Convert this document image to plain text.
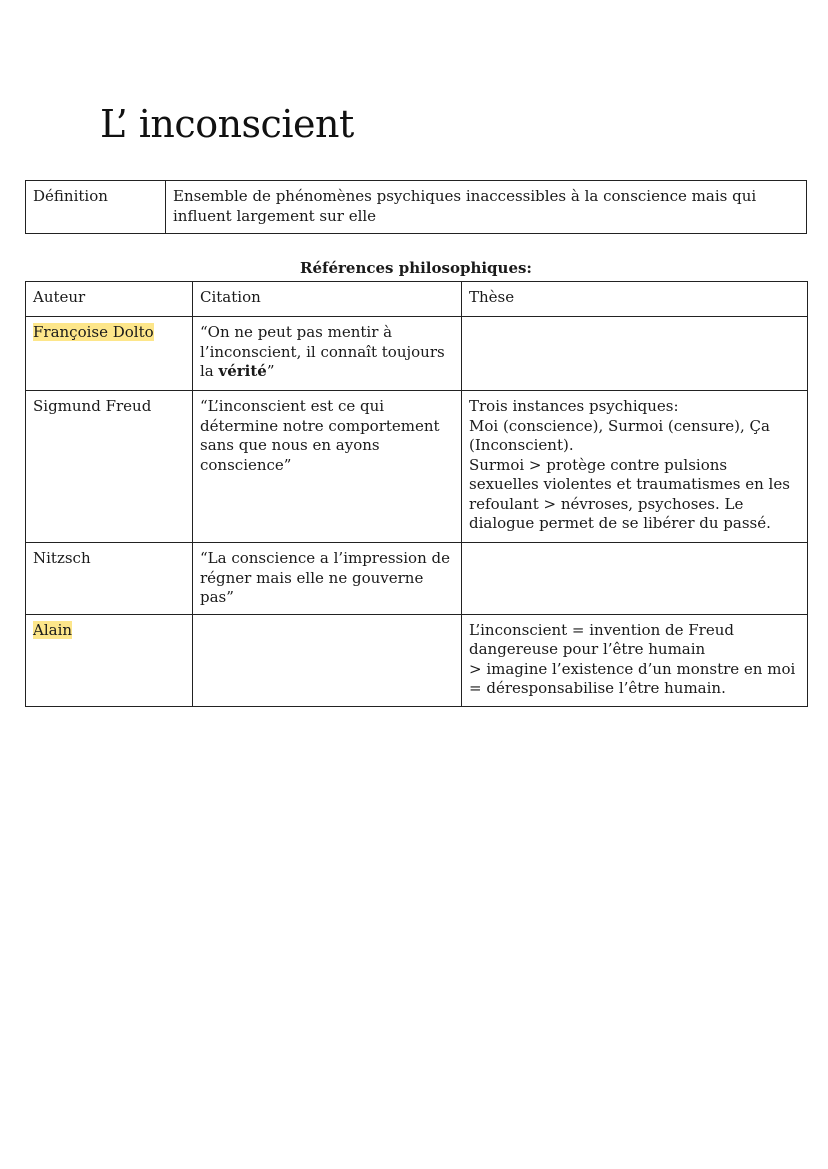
L’ inconscient
Définition	Ensemble de phénomènes psychiques inaccessibles à la conscience mais qui influent largement sur elle
Références philosophiques:
Auteur	Citation	Thèse
Françoise Dolto	“On ne peut pas mentir à l’inconscient, il connaît toujours la vérité”	
Sigmund Freud	“L’inconscient est ce qui détermine notre comportement sans que nous en ayons conscience”	Trois instances psychiques:
Moi (conscience), Surmoi (censure), Ça (Inconscient).
Surmoi > protège contre pulsions sexuelles violentes et traumatismes en les refoulant > névroses, psychoses. Le dialogue permet de se libérer du passé.
Nitzsch	“La conscience a l’impression de régner mais elle ne gouverne pas”	
Alain		L’inconscient = invention de Freud dangereuse pour l’être humain
> imagine l’existence d’un monstre en moi = déresponsabilise l’être humain.
